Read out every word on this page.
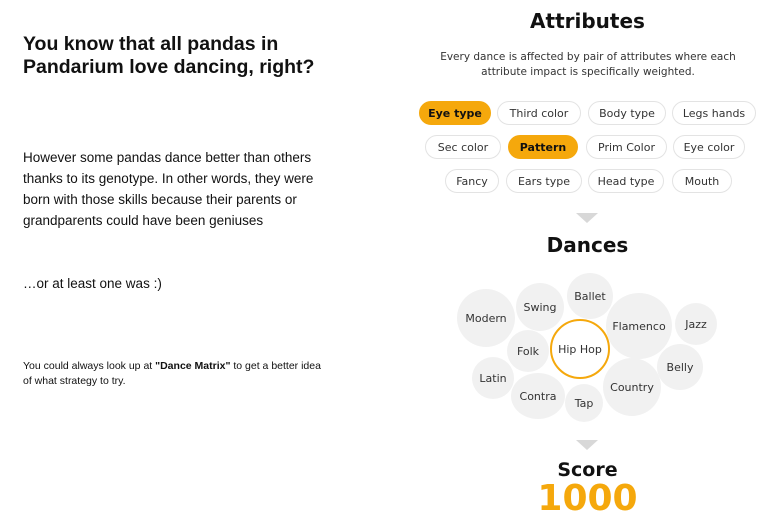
You know that all pandas in Pandarium love dancing, right?

However some pandas dance better than others thanks to its genotype. In other words, they were born with those skills because their parents or grandparents could have been geniuses

…or at least one was :)

You could always look up at "Dance Matrix" to get a better idea of what strategy to try.

Attributes
Every dance is affected by pair of attributes where each attribute impact is specifically weighted.
Eye type	Third color	Body type	Legs hands
Sec color	Pattern	Prim Color	Eye color
Fancy	Ears type	Head type	Mouth
Dances
Ballet
Swing
Modern
Flamenco	Jazz
Folk	Hip Hop
Belly
Latin
Contra
Country
Tap
Score
1000
